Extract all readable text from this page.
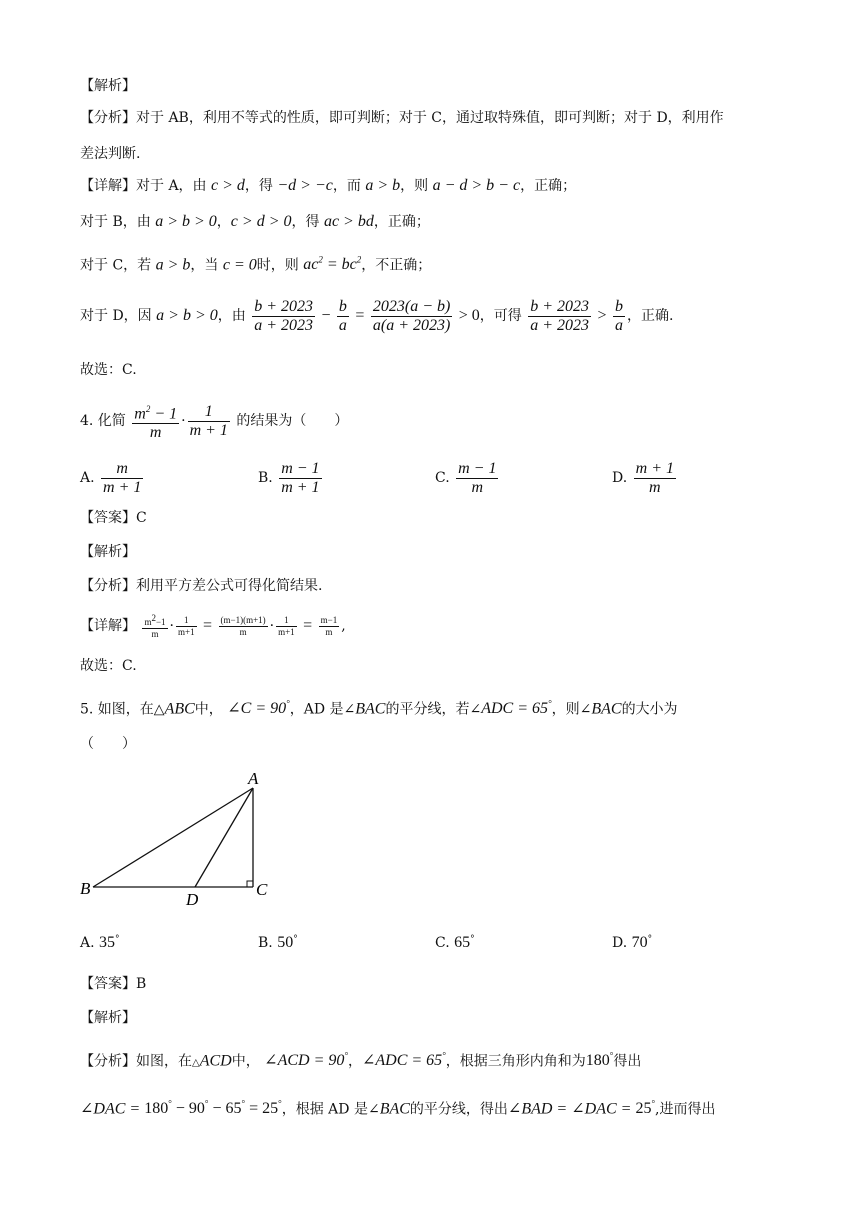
【解析】
【分析】对于 AB，利用不等式的性质，即可判断；对于 C，通过取特殊值，即可判断；对于 D，利用作
差法判断.
【详解】对于 A，由 c > d，得 −d > −c，而 a > b，则 a − d > b − c，正确；
对于 B，由 a > b > 0，c > d > 0，得 ac > bd，正确；
对于 C，若 a > b，当 c = 0时，则 $ac^2 = bc^2$，不正确；
对于 D，因 a > b > 0，由 $\frac{b + 2023}{a + 2023} - \frac{b}{a} = \frac{2023(a - b)}{a(a + 2023)} > 0$，可得 $\frac{b + 2023}{a + 2023} > \frac{b}{a}$ ，正确.
故选：C.
4. 化简 $\frac{m^2 - 1}{m} \cdot \frac{1}{m + 1}$ 的结果为（　　）
A. $\frac{m}{m + 1}$	B. $\frac{m - 1}{m + 1}$	C. $\frac{m - 1}{m}$	D. $\frac{m + 1}{m}$
【答案】C
【解析】
【分析】利用平方差公式可得化简结果.
【详解】 $\frac{m^2-1}{m} \cdot \frac{1}{m+1} = \frac{(m-1)(m+1)}{m} \cdot \frac{1}{m+1} = \frac{m-1}{m}$ ,
故选：C.
5. 如图，在△ABC中， ∠C = 90°，AD 是∠BAC的平分线，若∠ADC = 65°，则∠BAC的大小为
（　　）
A
B	C
D
A. 35°	B. 50°	C. 65°	D. 70°
【答案】B
【解析】
【分析】如图，在△ACD中， ∠ACD = 90°，∠ADC = 65°，根据三角形内角和为180°得出
∠DAC = 180° − 90° − 65° = 25°，根据 AD 是∠BAC的平分线，得出∠BAD = ∠DAC = 25°,进而得出
